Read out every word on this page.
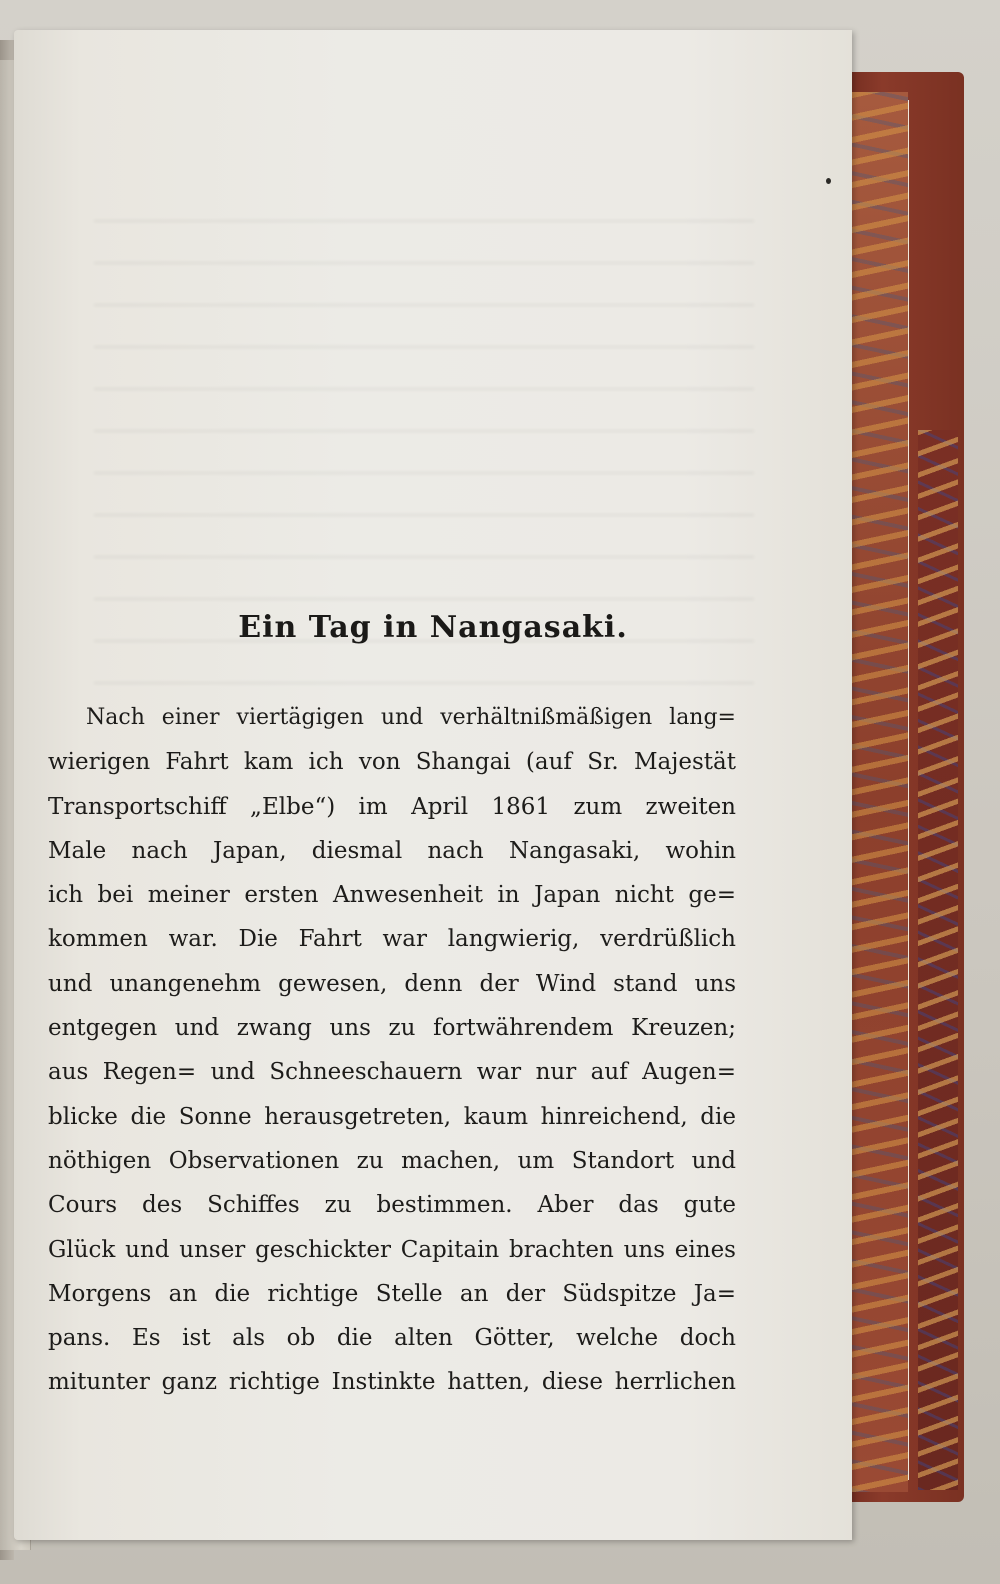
Ein Tag in Nangasaki.
Nach einer viertägigen und verhältnißmäßigen lang=
wierigen Fahrt kam ich von Shangai (auf Sr. Majestät
Transportschiff „Elbe“) im April 1861 zum zweiten
Male nach Japan, diesmal nach Nangasaki, wohin
ich bei meiner ersten Anwesenheit in Japan nicht ge=
kommen war. Die Fahrt war langwierig, verdrüßlich
und unangenehm gewesen, denn der Wind stand uns
entgegen und zwang uns zu fortwährendem Kreuzen;
aus Regen= und Schneeschauern war nur auf Augen=
blicke die Sonne herausgetreten, kaum hinreichend, die
nöthigen Observationen zu machen, um Standort und
Cours des Schiffes zu bestimmen. Aber das gute
Glück und unser geschickter Capitain brachten uns eines
Morgens an die richtige Stelle an der Südspitze Ja=
pans. Es ist als ob die alten Götter, welche doch
mitunter ganz richtige Instinkte hatten, diese herrlichen
